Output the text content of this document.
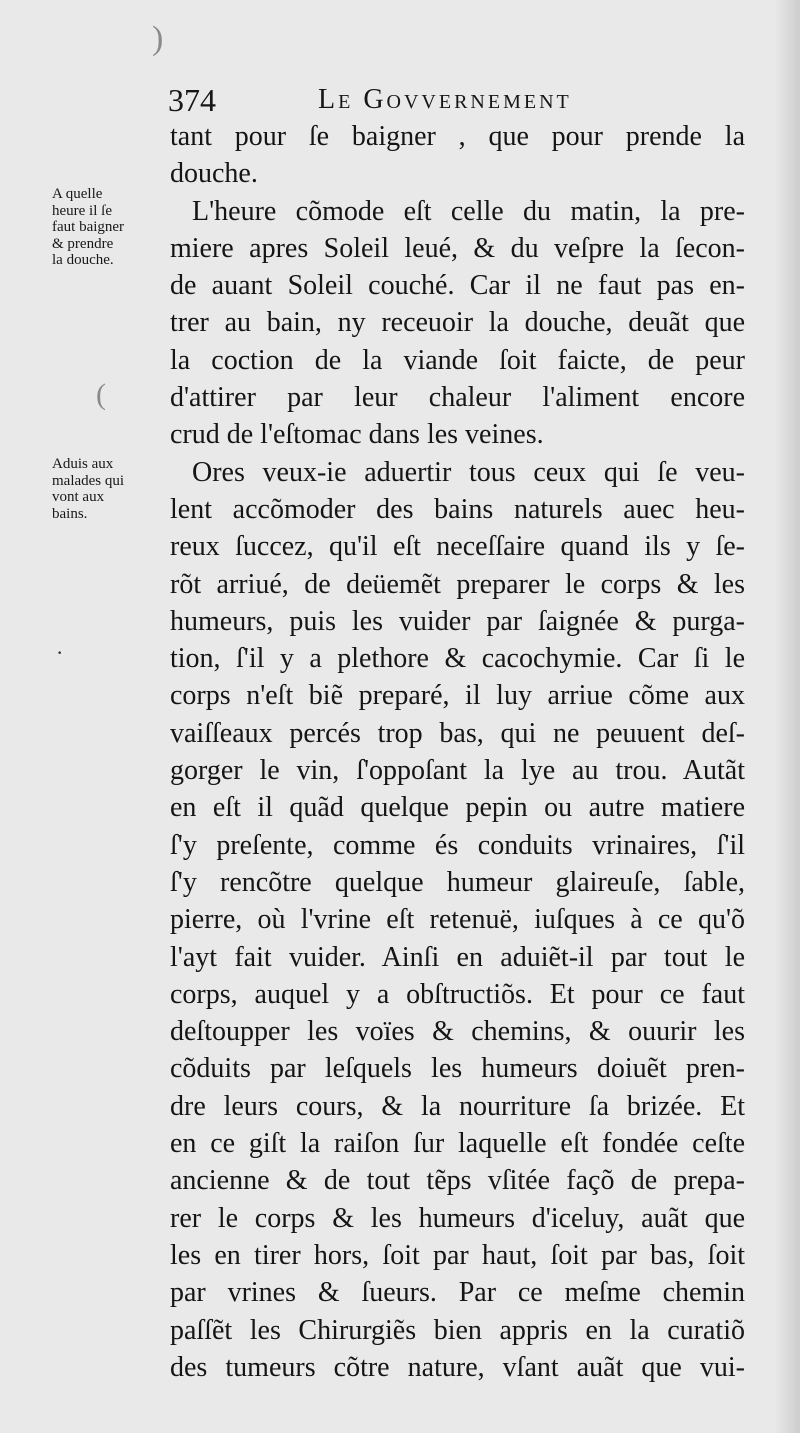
)
(
·
374	Le Govvernement
A quelle
heure il ſe
faut baigner
& prendre
la douche.
Aduis aux
malades qui
vont aux
bains.
tant pour ſe baigner , que pour prende la
douche.
L'heure cõmode eſt celle du matin, la pre-
miere apres Soleil leué, & du veſpre la ſecon-
de auant Soleil couché. Car il ne faut pas en-
trer au bain, ny receuoir la douche, deuãt que
la coction de la viande ſoit faicte, de peur
d'attirer par leur chaleur l'aliment encore
crud de l'eſtomac dans les veines.
Ores veux-ie aduertir tous ceux qui ſe veu-
lent accõmoder des bains naturels auec heu-
reux ſuccez, qu'il eſt neceſſaire quand ils y ſe-
rõt arriué, de deüemẽt preparer le corps & les
humeurs, puis les vuider par ſaignée & purga-
tion, ſ'il y a plethore & cacochymie. Car ſi le
corps n'eſt biẽ preparé, il luy arriue cõme aux
vaiſſeaux percés trop bas, qui ne peuuent deſ-
gorger le vin, ſ'oppoſant la lye au trou. Autãt
en eſt il quãd quelque pepin ou autre matiere
ſ'y preſente, comme és conduits vrinaires, ſ'il
ſ'y rencõtre quelque humeur glaireuſe, ſable,
pierre, où l'vrine eſt retenuë, iuſques à ce qu'õ
l'ayt fait vuider. Ainſi en aduiẽt-il par tout le
corps, auquel y a obſtructiõs. Et pour ce faut
deſtoupper les voïes & chemins, & ouurir les
cõduits par leſquels les humeurs doiuẽt pren-
dre leurs cours, & la nourriture ſa brizée. Et
en ce giſt la raiſon ſur laquelle eſt fondée ceſte
ancienne & de tout tẽps vſitée façõ de prepa-
rer le corps & les humeurs d'iceluy, auãt que
les en tirer hors, ſoit par haut, ſoit par bas, ſoit
par vrines & ſueurs. Par ce meſme chemin
paſſẽt les Chirurgiẽs bien appris en la curatiõ
des tumeurs cõtre nature, vſant auãt que vui-
